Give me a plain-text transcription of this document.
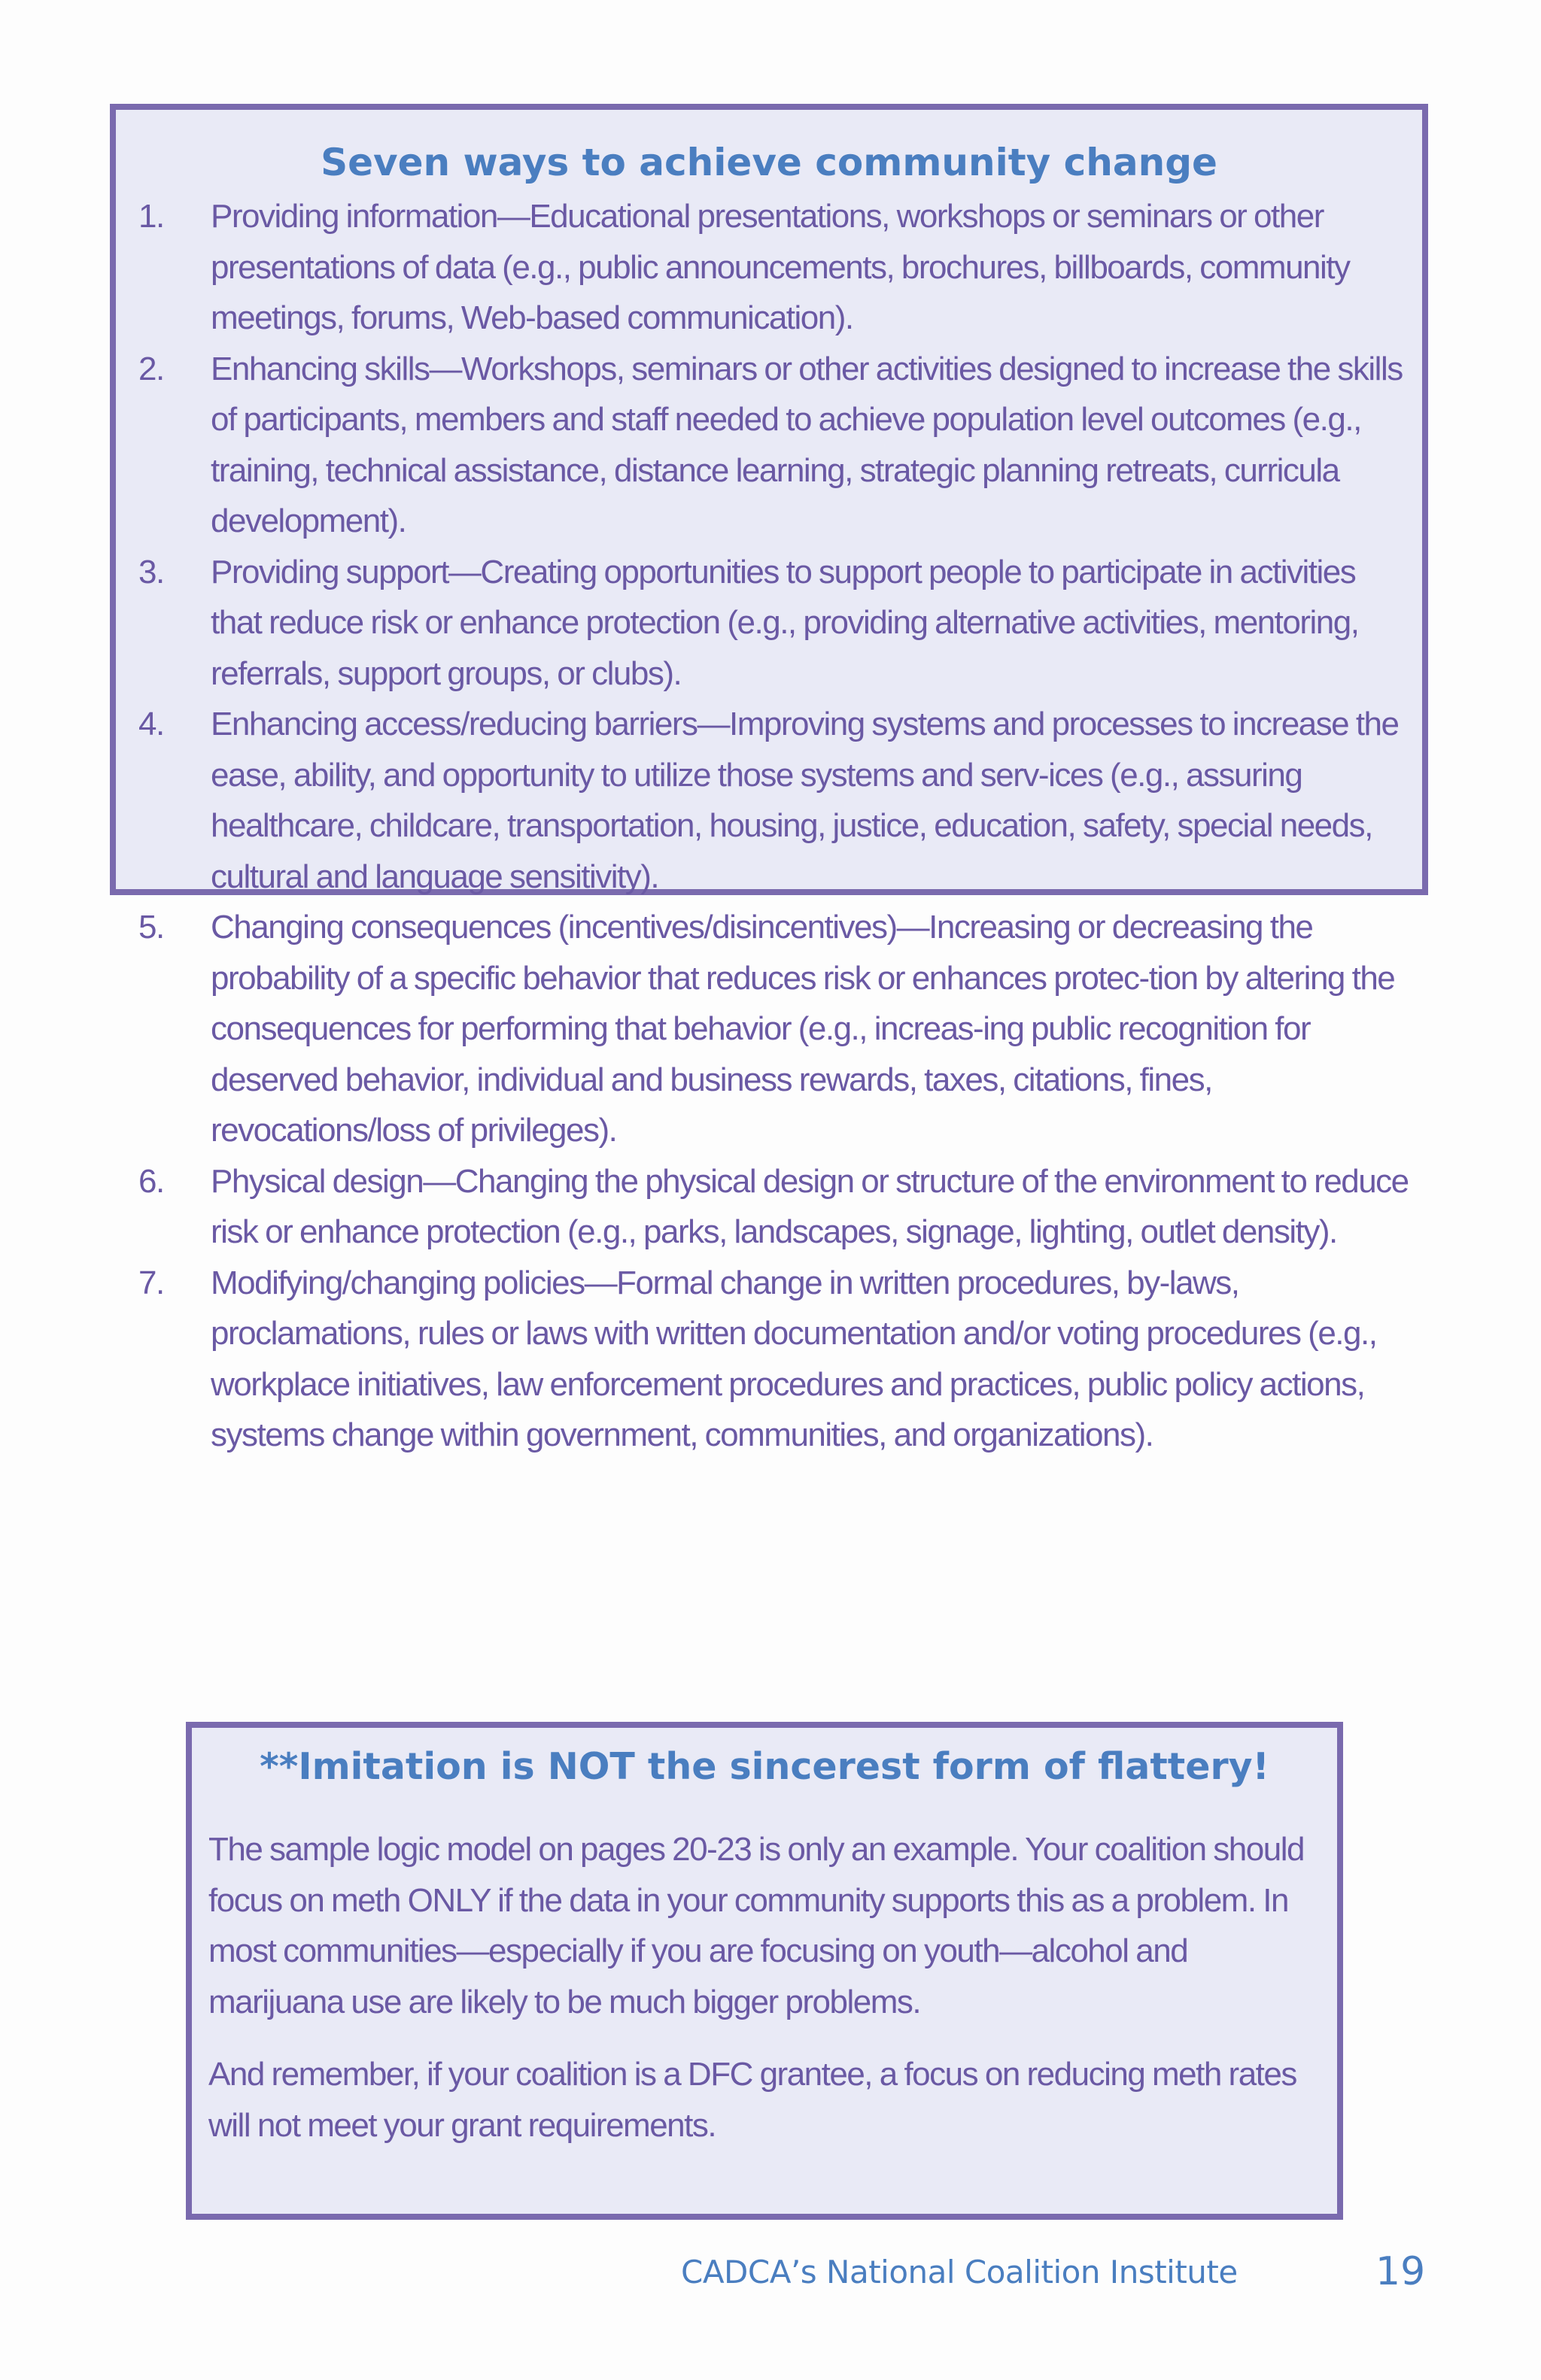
Seven ways to achieve community change
1.	Providing information—Educational presentations, workshops or seminars or other presentations of data (e.g., public announcements, brochures, billboards, community meetings, forums, Web-based communication).
2.	Enhancing skills—Workshops, seminars or other activities designed to increase the skills of participants, members and staff needed to achieve population level outcomes (e.g., training, technical assistance, distance learning, strategic planning retreats, curricula development).
3.	Providing support—Creating opportunities to support people to participate in activities that reduce risk or enhance protection (e.g., providing alternative activities, mentoring, referrals, support groups, or clubs).
4.	Enhancing access/reducing barriers—Improving systems and processes to increase the ease, ability, and opportunity to utilize those systems and serv-ices (e.g., assuring healthcare, childcare, transportation, housing, justice, education, safety, special needs, cultural and language sensitivity).
5.	Changing consequences (incentives/disincentives)—Increasing or decreasing the probability of a specific behavior that reduces risk or enhances protec-tion by altering the consequences for performing that behavior (e.g., increas-ing public recognition for deserved behavior, individual and business rewards, taxes, citations, fines, revocations/loss of privileges).
6.	Physical design—Changing the physical design or structure of the environment to reduce risk or enhance protection (e.g., parks, landscapes, signage, lighting, outlet density).
7.	Modifying/changing policies—Formal change in written procedures, by-laws, proclamations, rules or laws with written documentation and/or voting procedures (e.g., workplace initiatives, law enforcement procedures and practices, public policy actions, systems change within government, communities, and organizations).
**Imitation is NOT the sincerest form of flattery!

The sample logic model on pages 20-23 is only an example. Your coalition should focus on meth ONLY if the data in your community supports this as a problem. In most communities—especially if you are focusing on youth—alcohol and marijuana use are likely to be much bigger problems.

And remember, if your coalition is a DFC grantee, a focus on reducing meth rates will not meet your grant requirements.

CADCA’s National Coalition Institute	19
